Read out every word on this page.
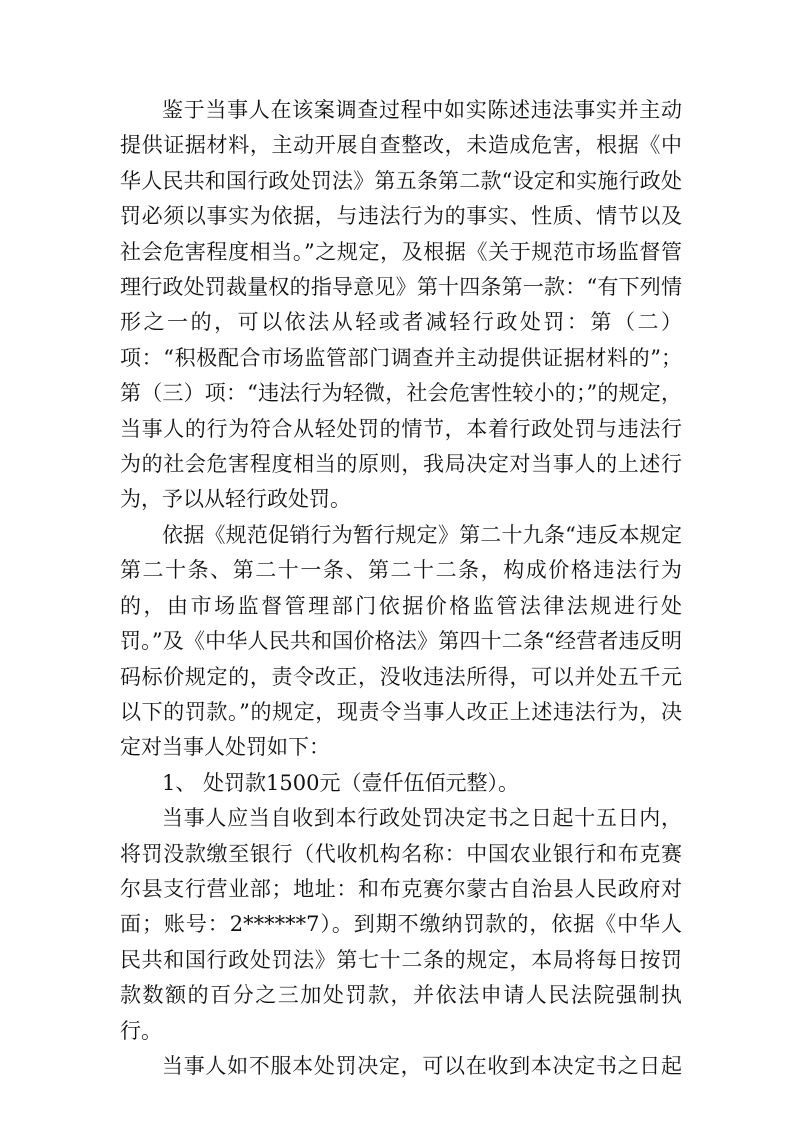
鉴于当事人在该案调查过程中如实陈述违法事实并主动提供证据材料，主动开展自查整改，未造成危害，根据《中华人民共和国行政处罚法》第五条第二款“设定和实施行政处罚必须以事实为依据，与违法行为的事实、性质、情节以及社会危害程度相当。”之规定，及根据《关于规范市场监督管理行政处罚裁量权的指导意见》第十四条第一款：“有下列情形之一的，可以依法从轻或者减轻行政处罚：第（二）项：“积极配合市场监管部门调查并主动提供证据材料的”；第（三）项：“违法行为轻微，社会危害性较小的；”的规定，当事人的行为符合从轻处罚的情节，本着行政处罚与违法行为的社会危害程度相当的原则，我局决定对当事人的上述行为，予以从轻行政处罚。

依据《规范促销行为暂行规定》第二十九条“违反本规定第二十条、第二十一条、第二十二条，构成价格违法行为的，由市场监督管理部门依据价格监管法律法规进行处罚。”及《中华人民共和国价格法》第四十二条“经营者违反明码标价规定的，责令改正，没收违法所得，可以并处五千元以下的罚款。”的规定，现责令当事人改正上述违法行为，决定对当事人处罚如下：

1、 处罚款1500元（壹仟伍佰元整）。

当事人应当自收到本行政处罚决定书之日起十五日内，将罚没款缴至银行（代收机构名称：中国农业银行和布克赛尔县支行营业部；地址：和布克赛尔蒙古自治县人民政府对面；账号：2******7）。到期不缴纳罚款的，依据《中华人民共和国行政处罚法》第七十二条的规定，本局将每日按罚款数额的百分之三加处罚款，并依法申请人民法院强制执行。

当事人如不服本处罚决定，可以在收到本决定书之日起
